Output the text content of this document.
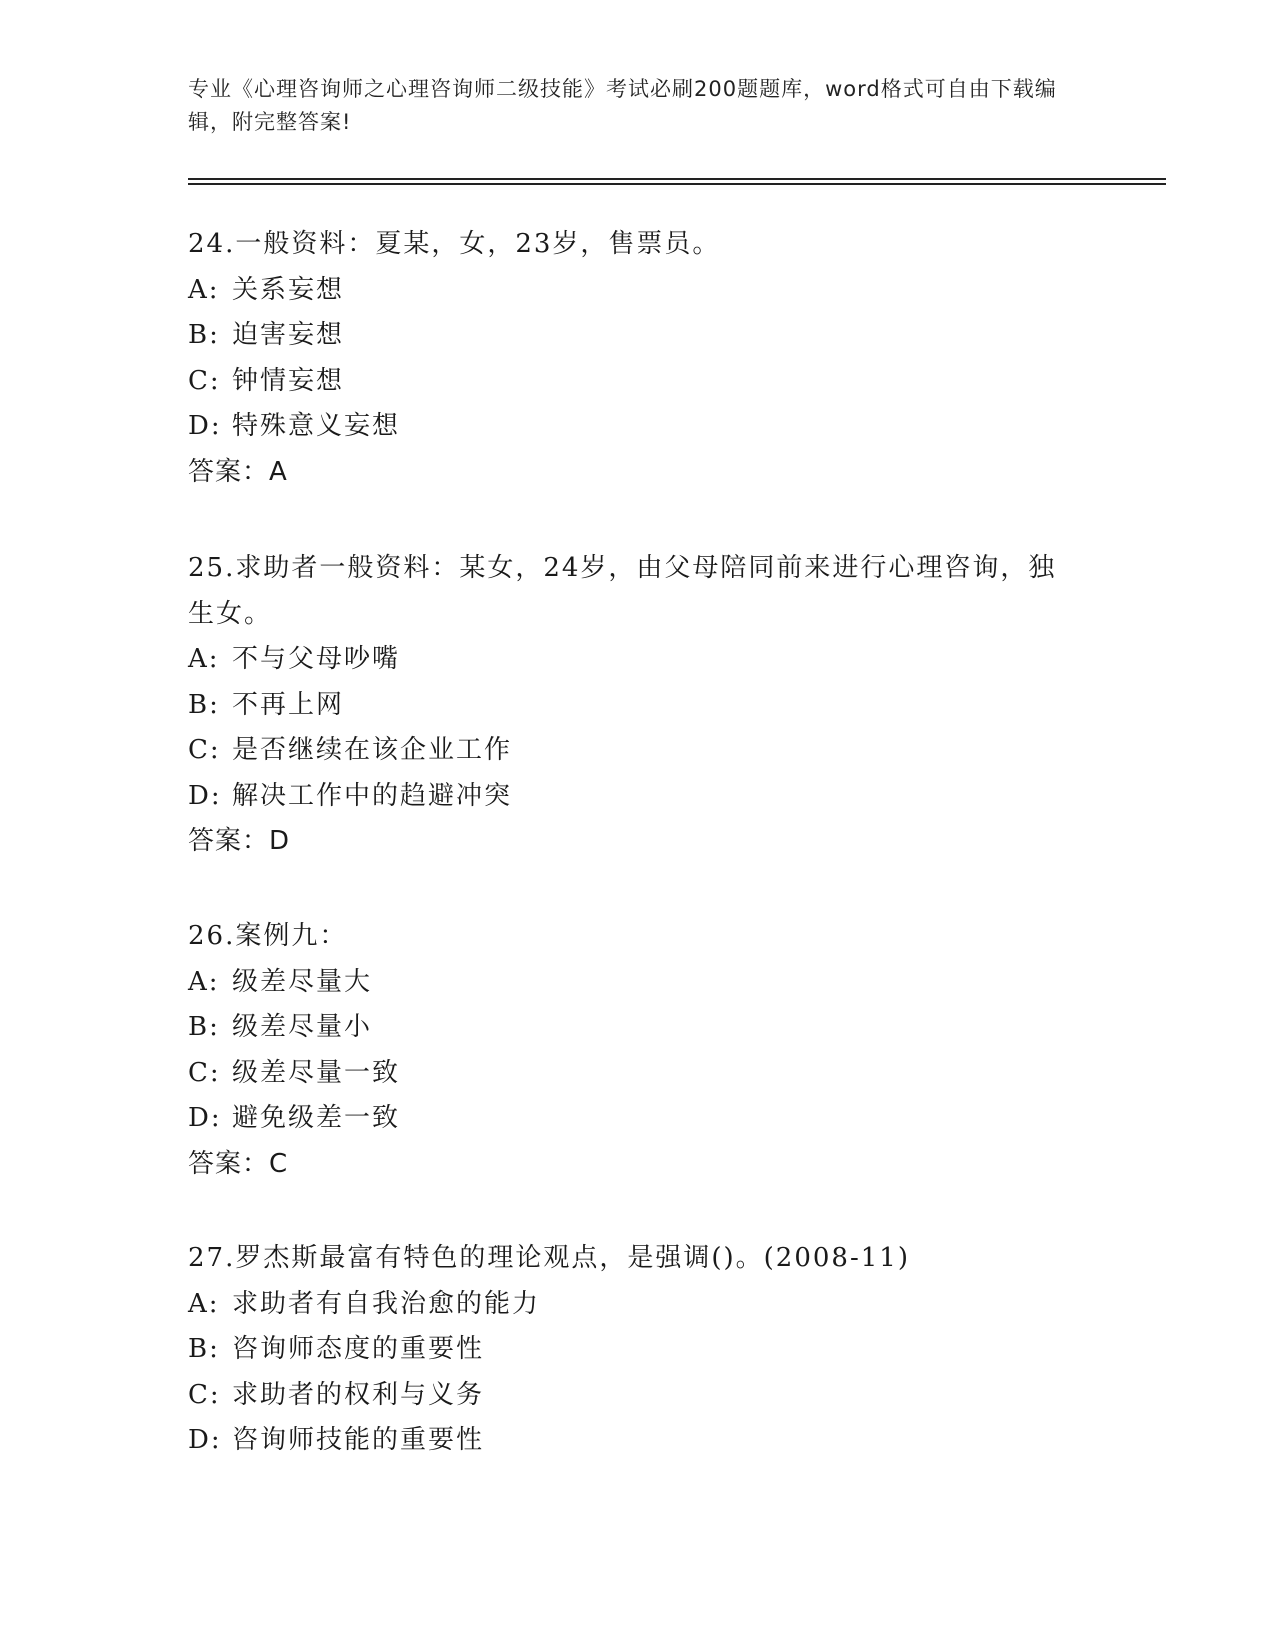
专业《心理咨询师之心理咨询师二级技能》考试必刷200题题库，word格式可自由下载编辑，附完整答案!
24.一般资料：夏某，女，23岁，售票员。
A: 关系妄想
B: 迫害妄想
C: 钟情妄想
D: 特殊意义妄想
答案：A
25.求助者一般资料：某女，24岁，由父母陪同前来进行心理咨询，独
生女。
A: 不与父母吵嘴
B: 不再上网
C: 是否继续在该企业工作
D: 解决工作中的趋避冲突
答案：D
26.案例九：
A: 级差尽量大
B: 级差尽量小
C: 级差尽量一致
D: 避免级差一致
答案：C
27.罗杰斯最富有特色的理论观点，是强调()。(2008-11)
A: 求助者有自我治愈的能力
B: 咨询师态度的重要性
C: 求助者的权利与义务
D: 咨询师技能的重要性
